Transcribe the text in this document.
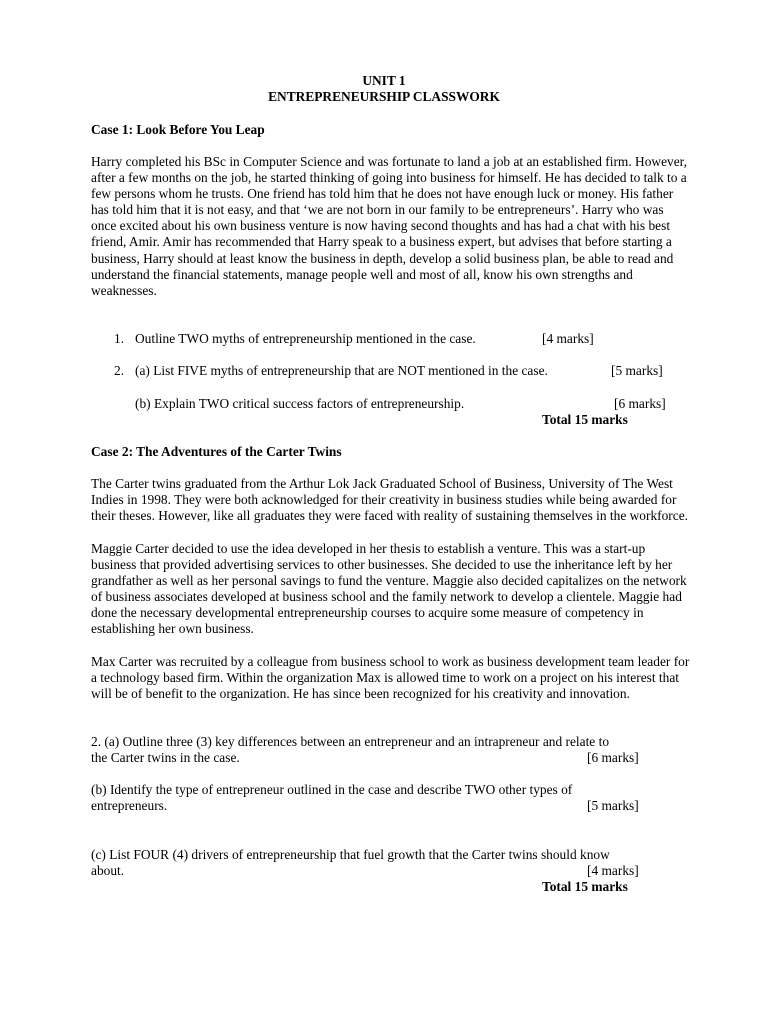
UNIT 1
ENTREPRENEURSHIP CLASSWORK
Case 1: Look Before You Leap

Harry completed his BSc in Computer Science and was fortunate to land a job at an established firm. However, after a few months on the job, he started thinking of going into business for himself. He has decided to talk to a few persons whom he trusts. One friend has told him that he does not have enough luck or money. His father has told him that it is not easy, and that ‘we are not born in our family to be entrepreneurs’. Harry who was once excited about his own business venture is now having second thoughts and has had a chat with his best friend, Amir. Amir has recommended that Harry speak to a business expert, but advises that before starting a business, Harry should at least know the business in depth, develop a solid business plan, be able to read and understand the financial statements, manage people well and most of all, know his own strengths and weaknesses.

1. Outline TWO myths of entrepreneurship mentioned in the case.	[4 marks]
2. (a) List FIVE myths of entrepreneurship that are NOT mentioned in the case.	[5 marks]
(b) Explain TWO critical success factors of entrepreneurship.	[6 marks]
Total 15 marks
Case 2: The Adventures of the Carter Twins

The Carter twins graduated from the Arthur Lok Jack Graduated School of Business, University of The West Indies in 1998. They were both acknowledged for their creativity in business studies while being awarded for their theses. However, like all graduates they were faced with reality of sustaining themselves in the workforce.

Maggie Carter decided to use the idea developed in her thesis to establish a venture. This was a start-up business that provided advertising services to other businesses. She decided to use the inheritance left by her grandfather as well as her personal savings to fund the venture. Maggie also decided capitalizes on the network of business associates developed at business school and the family network to develop a clientele. Maggie had done the necessary developmental entrepreneurship courses to acquire some measure of competency in establishing her own business.

Max Carter was recruited by a colleague from business school to work as business development team leader for a technology based firm. Within the organization Max is allowed time to work on a project on his interest that will be of benefit to the organization. He has since been recognized for his creativity and innovation.

2. (a) Outline three (3) key differences between an entrepreneur and an intrapreneur and relate to
the Carter twins in the case.	[6 marks]
(b) Identify the type of entrepreneur outlined in the case and describe TWO other types of
entrepreneurs.	[5 marks]
(c) List FOUR (4) drivers of entrepreneurship that fuel growth that the Carter twins should know
about.	[4 marks]
Total 15 marks
